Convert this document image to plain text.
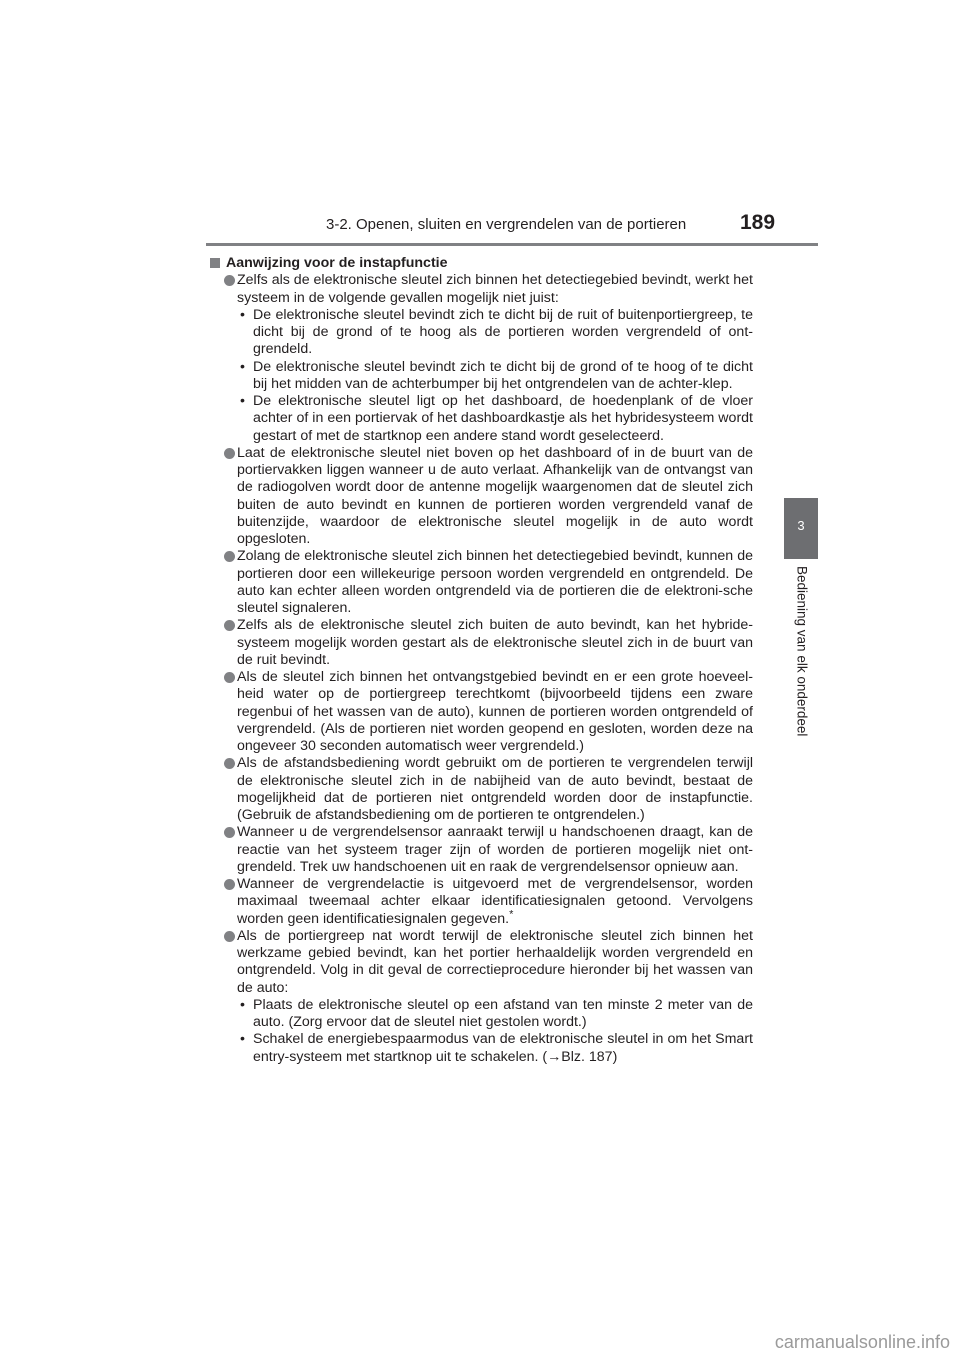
3-2. Openen, sluiten en vergrendelen van de portieren	189
3
Bediening van elk onderdeel
Aanwijzing voor de instapfunctie
Zelfs als de elektronische sleutel zich binnen het detectiegebied bevindt, werkt het systeem in de volgende gevallen mogelijk niet juist:
• De elektronische sleutel bevindt zich te dicht bij de ruit of buitenportiergreep, te dicht bij de grond of te hoog als de portieren worden vergrendeld of ont-grendeld.
• De elektronische sleutel bevindt zich te dicht bij de grond of te hoog of te dicht bij het midden van de achterbumper bij het ontgrendelen van de achter-klep.
• De elektronische sleutel ligt op het dashboard, de hoedenplank of de vloer achter of in een portiervak of het dashboardkastje als het hybridesysteem wordt gestart of met de startknop een andere stand wordt geselecteerd.
Laat de elektronische sleutel niet boven op het dashboard of in de buurt van de portiervakken liggen wanneer u de auto verlaat. Afhankelijk van de ontvangst van de radiogolven wordt door de antenne mogelijk waargenomen dat de sleutel zich buiten de auto bevindt en kunnen de portieren worden vergrendeld vanaf de buitenzijde, waardoor de elektronische sleutel mogelijk in de auto wordt opgesloten.
Zolang de elektronische sleutel zich binnen het detectiegebied bevindt, kunnen de portieren door een willekeurige persoon worden vergrendeld en ontgrendeld. De auto kan echter alleen worden ontgrendeld via de portieren die de elektroni-sche sleutel signaleren.
Zelfs als de elektronische sleutel zich buiten de auto bevindt, kan het hybride-systeem mogelijk worden gestart als de elektronische sleutel zich in de buurt van de ruit bevindt.
Als de sleutel zich binnen het ontvangstgebied bevindt en er een grote hoeveel-heid water op de portiergreep terechtkomt (bijvoorbeeld tijdens een zware regenbui of het wassen van de auto), kunnen de portieren worden ontgrendeld of vergrendeld. (Als de portieren niet worden geopend en gesloten, worden deze na ongeveer 30 seconden automatisch weer vergrendeld.)
Als de afstandsbediening wordt gebruikt om de portieren te vergrendelen terwijl de elektronische sleutel zich in de nabijheid van de auto bevindt, bestaat de mogelijkheid dat de portieren niet ontgrendeld worden door de instapfunctie. (Gebruik de afstandsbediening om de portieren te ontgrendelen.)
Wanneer u de vergrendelsensor aanraakt terwijl u handschoenen draagt, kan de reactie van het systeem trager zijn of worden de portieren mogelijk niet ont-grendeld. Trek uw handschoenen uit en raak de vergrendelsensor opnieuw aan.
Wanneer de vergrendelactie is uitgevoerd met de vergrendelsensor, worden maximaal tweemaal achter elkaar identificatiesignalen getoond. Vervolgens worden geen identificatiesignalen gegeven.*
Als de portiergreep nat wordt terwijl de elektronische sleutel zich binnen het werkzame gebied bevindt, kan het portier herhaaldelijk worden vergrendeld en ontgrendeld. Volg in dit geval de correctieprocedure hieronder bij het wassen van de auto:
• Plaats de elektronische sleutel op een afstand van ten minste 2 meter van de auto. (Zorg ervoor dat de sleutel niet gestolen wordt.)
• Schakel de energiebespaarmodus van de elektronische sleutel in om het Smart entry-systeem met startknop uit te schakelen. (→Blz. 187)
carmanualsonline.info
